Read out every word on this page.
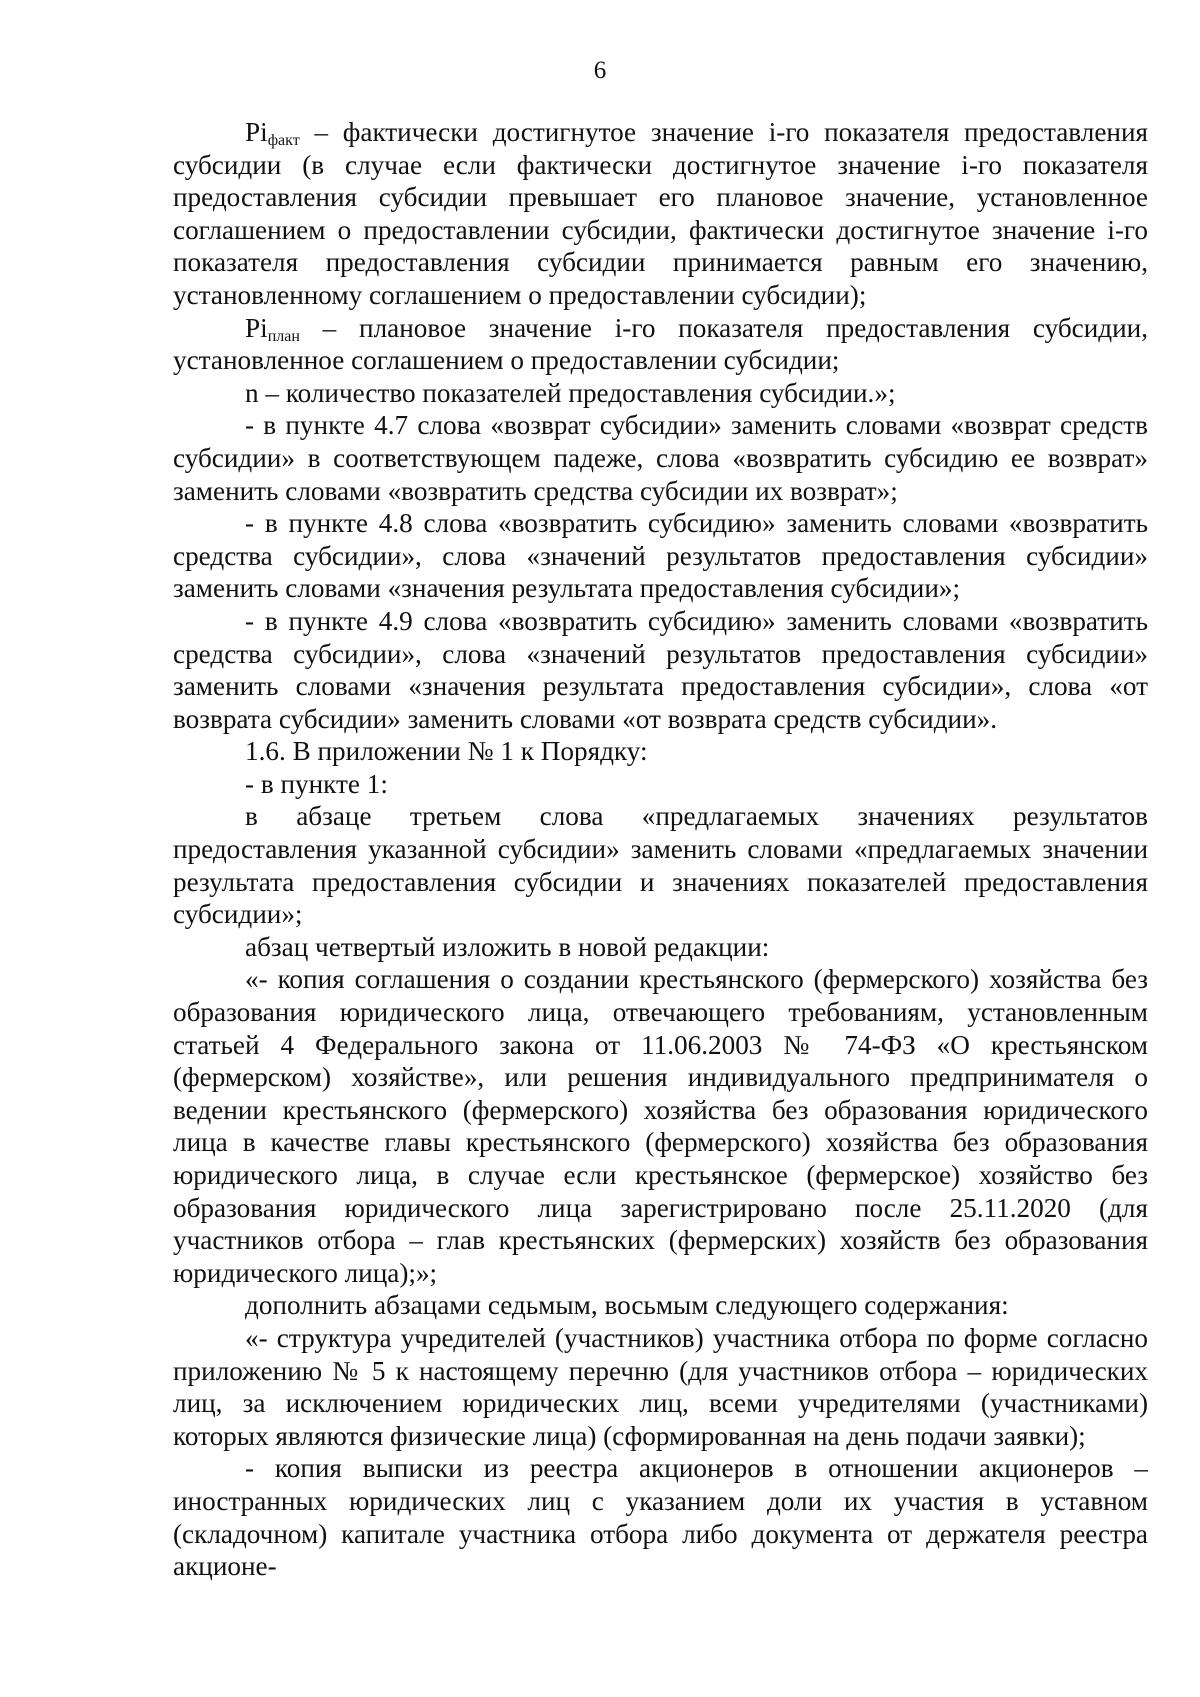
6

$Pi_{факт}$ – фактически достигнутое значение i-го показателя предоставления субсидии (в случае если фактически достигнутое значение i-го показателя предоставления субсидии превышает его плановое значение, установленное соглашением о предоставлении субсидии, фактически достигнутое значение i-го показателя предоставления субсидии принимается равным его значению, установленному соглашением о предоставлении субсидии);

$Pi_{план}$ – плановое значение i-го показателя предоставления субсидии, установленное соглашением о предоставлении субсидии;

n – количество показателей предоставления субсидии.»;

- в пункте 4.7 слова «возврат субсидии» заменить словами «возврат средств субсидии» в соответствующем падеже, слова «возвратить субсидию ее возврат» заменить словами «возвратить средства субсидии их возврат»;

- в пункте 4.8 слова «возвратить субсидию» заменить словами «возвратить средства субсидии», слова «значений результатов предоставления субсидии» заменить словами «значения результата предоставления субсидии»;

- в пункте 4.9 слова «возвратить субсидию» заменить словами «возвратить средства субсидии», слова «значений результатов предоставления субсидии» заменить словами «значения результата предоставления субсидии», слова «от возврата субсидии» заменить словами «от возврата средств субсидии».

1.6. В приложении № 1 к Порядку:

- в пункте 1:

в абзаце третьем слова «предлагаемых значениях результатов предоставления указанной субсидии» заменить словами «предлагаемых значении результата предоставления субсидии и значениях показателей предоставления субсидии»;

абзац четвертый изложить в новой редакции:

«- копия соглашения о создании крестьянского (фермерского) хозяйства без образования юридического лица, отвечающего требованиям, установленным статьей 4 Федерального закона от 11.06.2003 № 74-ФЗ «О крестьянском (фермерском) хозяйстве», или решения индивидуального предпринимателя о ведении крестьянского (фермерского) хозяйства без образования юридического лица в качестве главы крестьянского (фермерского) хозяйства без образования юридического лица, в случае если крестьянское (фермерское) хозяйство без образования юридического лица зарегистрировано после 25.11.2020 (для участников отбора – глав крестьянских (фермерских) хозяйств без образования юридического лица);»;

дополнить абзацами седьмым, восьмым следующего содержания:

«- структура учредителей (участников) участника отбора по форме согласно приложению № 5 к настоящему перечню (для участников отбора – юридических лиц, за исключением юридических лиц, всеми учредителями (участниками) которых являются физические лица) (сформированная на день подачи заявки);

- копия выписки из реестра акционеров в отношении акционеров – иностранных юридических лиц с указанием доли их участия в уставном (складочном) капитале участника отбора либо документа от держателя реестра акционе-
